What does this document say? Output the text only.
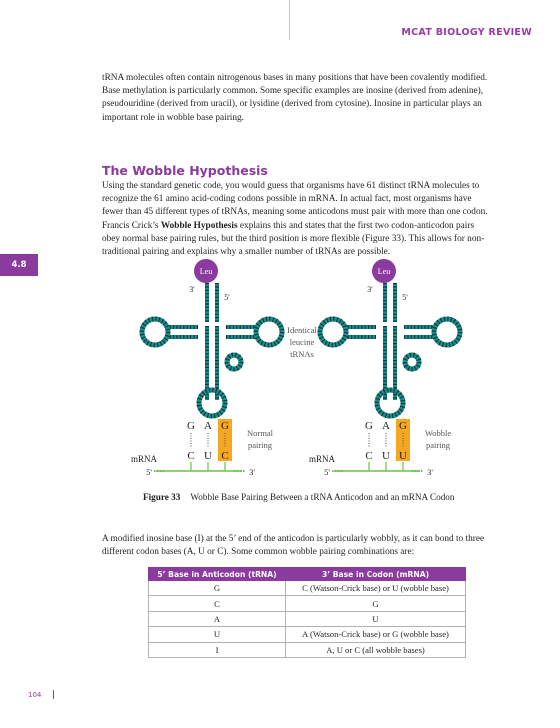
MCAT BIOLOGY REVIEW
tRNA molecules often contain nitrogenous bases in many positions that have been covalently modified.
Base methylation is particularly common. Some specific examples are inosine (derived from adenine),
pseudouridine (derived from uracil), or lysidine (derived from cytosine). Inosine in particular plays an
important role in wobble base pairing.
The Wobble Hypothesis
Using the standard genetic code, you would guess that organisms have 61 distinct tRNA molecules to
recognize the 61 amino acid-coding codons possible in mRNA. In actual fact, most organisms have
fewer than 45 different types of tRNAs, meaning some anticodons must pair with more than one codon.
Francis Crick’s Wobble Hypothesis explains this and states that the first two codon-anticodon pairs
obey normal base pairing rules, but the third position is more flexible (Figure 33). This allows for non-
traditional pairing and explains why a smaller number of tRNAs are possible.
4.8
Leu
3'
5'
G
C
A
U
G
C
Normal
pairing
mRNA
5'	3'
Leu
3'
5'
G
C
A
U
G
U
Wobble
pairing
mRNA
5'	3'
Identical
leucine
tRNAs
Figure 33 Wobble Base Pairing Between a tRNA Anticodon and an mRNA Codon
A modified inosine base (I) at the 5’ end of the anticodon is particularly wobbly, as it can bond to three
different codon bases (A, U or C). Some common wobble pairing combinations are:
5’ Base in Anticodon (tRNA)	3’ Base in Codon (mRNA)
G	C (Watson-Crick base) or U (wobble base)
C	G
A	U
U	A (Watson-Crick base) or G (wobble base)
I	A, U or C (all wobble bases)
104
